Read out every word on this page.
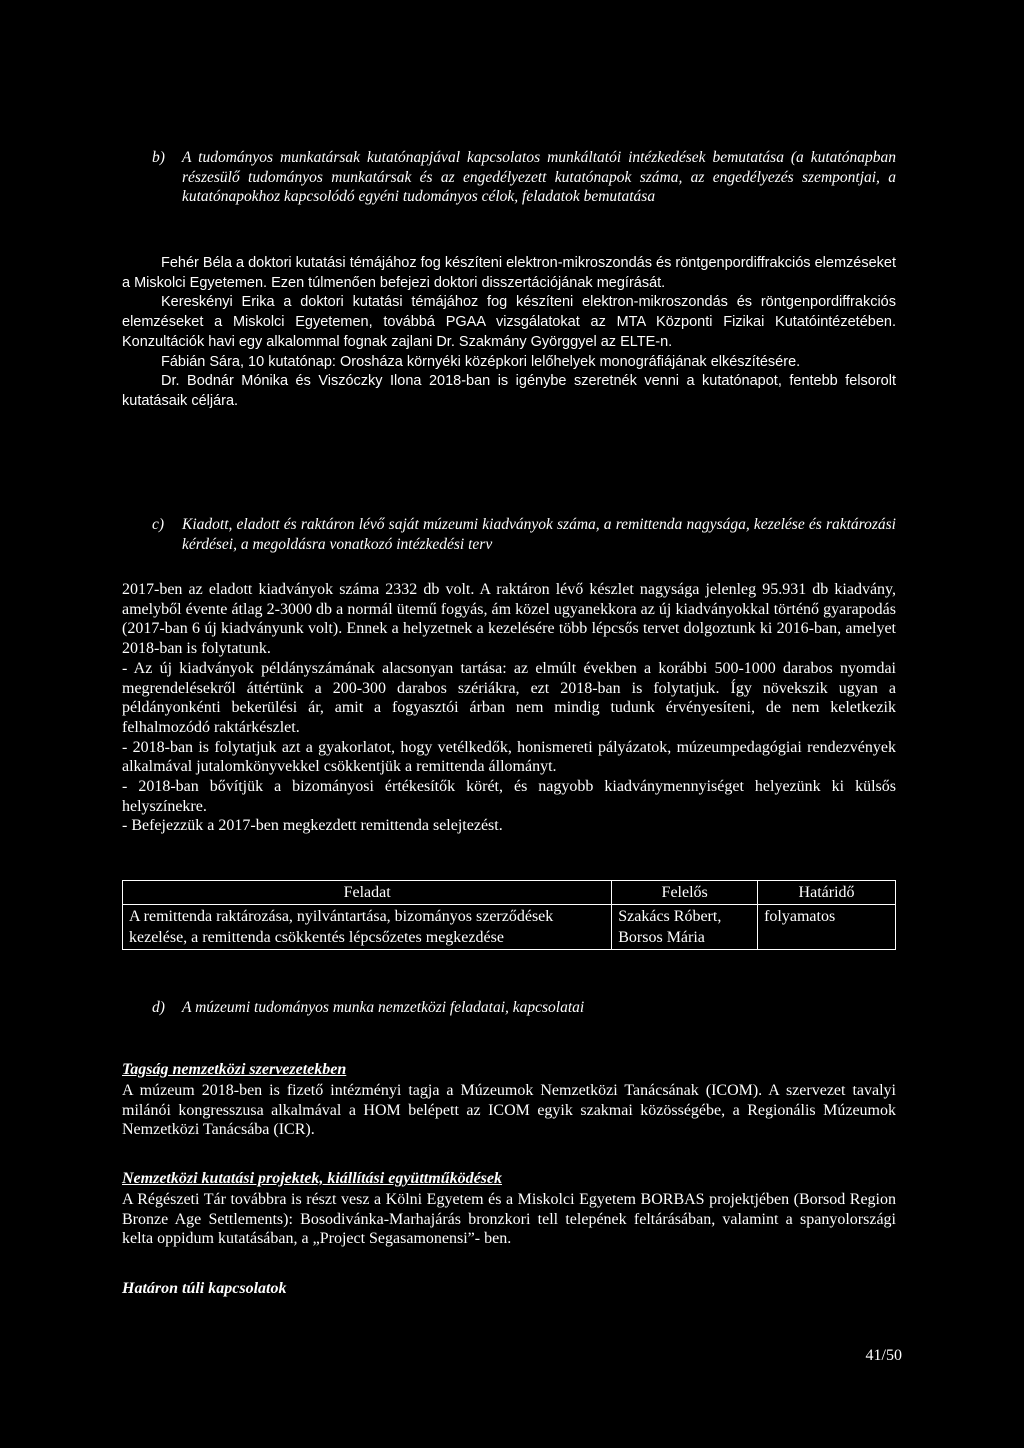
b) A tudományos munkatársak kutatónapjával kapcsolatos munkáltatói intézkedések bemutatása (a kutatónapban részesülő tudományos munkatársak és az engedélyezett kutatónapok száma, az engedélyezés szempontjai, a kutatónapokhoz kapcsolódó egyéni tudományos célok, feladatok bemutatása

Fehér Béla a doktori kutatási témájához fog készíteni elektron-mikroszondás és röntgenpordiffrakciós elemzéseket a Miskolci Egyetemen. Ezen túlmenően befejezi doktori disszertációjának megírását.

Kereskényi Erika a doktori kutatási témájához fog készíteni elektron-mikroszondás és röntgenpordiffrakciós elemzéseket a Miskolci Egyetemen, továbbá PGAA vizsgálatokat az MTA Központi Fizikai Kutatóintézetében. Konzultációk havi egy alkalommal fognak zajlani Dr. Szakmány Györggyel az ELTE-n.

Fábián Sára, 10 kutatónap: Orosháza környéki középkori lelőhelyek monográfiájának elkészítésére.

Dr. Bodnár Mónika és Viszóczky Ilona 2018-ban is igénybe szeretnék venni a kutatónapot, fentebb felsorolt kutatásaik céljára.

c) Kiadott, eladott és raktáron lévő saját múzeumi kiadványok száma, a remittenda nagysága, kezelése és raktározási kérdései, a megoldásra vonatkozó intézkedési terv

2017-ben az eladott kiadványok száma 2332 db volt. A raktáron lévő készlet nagysága jelenleg 95.931 db kiadvány, amelyből évente átlag 2-3000 db a normál ütemű fogyás, ám közel ugyanekkora az új kiadványokkal történő gyarapodás (2017-ban 6 új kiadványunk volt). Ennek a helyzetnek a kezelésére több lépcsős tervet dolgoztunk ki 2016-ban, amelyet 2018-ban is folytatunk.

- Az új kiadványok példányszámának alacsonyan tartása: az elmúlt években a korábbi 500-1000 darabos nyomdai megrendelésekről áttértünk a 200-300 darabos szériákra, ezt 2018-ban is folytatjuk. Így növekszik ugyan a példányonkénti bekerülési ár, amit a fogyasztói árban nem mindig tudunk érvényesíteni, de nem keletkezik felhalmozódó raktárkészlet.

- 2018-ban is folytatjuk azt a gyakorlatot, hogy vetélkedők, honismereti pályázatok, múzeumpedagógiai rendezvények alkalmával jutalomkönyvekkel csökkentjük a remittenda állományt.

- 2018-ban bővítjük a bizományosi értékesítők körét, és nagyobb kiadványmennyiséget helyezünk ki külsős helyszínekre.

- Befejezzük a 2017-ben megkezdett remittenda selejtezést.

Feladat	Felelős	Határidő
A remittenda raktározása, nyilvántartása, bizományos szerződések kezelése, a remittenda csökkentés lépcsőzetes megkezdése	Szakács Róbert, Borsos Mária	folyamatos
d) A múzeumi tudományos munka nemzetközi feladatai, kapcsolatai
Tagság nemzetközi szervezetekben

A múzeum 2018-ben is fizető intézményi tagja a Múzeumok Nemzetközi Tanácsának (ICOM). A szervezet tavalyi milánói kongresszusa alkalmával a HOM belépett az ICOM egyik szakmai közösségébe, a Regionális Múzeumok Nemzetközi Tanácsába (ICR).

Nemzetközi kutatási projektek, kiállítási együttműködések

A Régészeti Tár továbbra is részt vesz a Kölni Egyetem és a Miskolci Egyetem BORBAS projektjében (Borsod Region Bronze Age Settlements): Bosodivánka-Marhajárás bronzkori tell telepének feltárásában, valamint a spanyolországi kelta oppidum kutatásában, a „Project Segasamonensi”- ben.

Határon túli kapcsolatok
41/50
